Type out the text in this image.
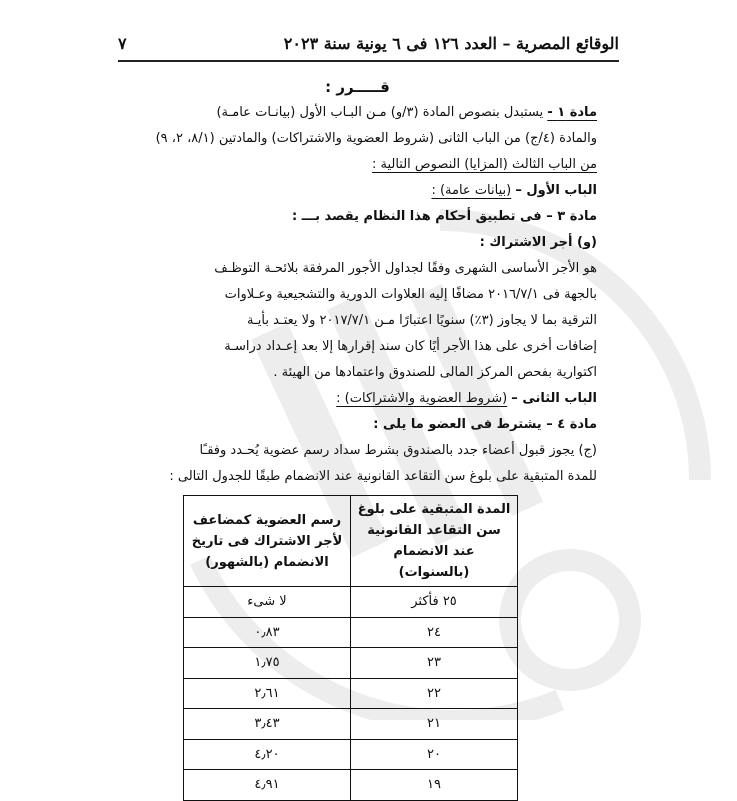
الوقائع المصرية – العدد ١٢٦ فى ٦ يونية سنة ٢٠٢٣
٧

قـــــرر :

مادة ١ - يستبدل بنصوص المادة (٣/و) مـن البـاب الأول (بيانـات عامـة)

والمادة (٤/ج) من الباب الثانى (شروط العضوية والاشتراكات) والمادتين (٨/١، ٢، ٩)

من الباب الثالث (المزايا) النصوص التالية :

الباب الأول – (بيانات عامة) :

مادة ٣ – فى تطبيق أحكام هذا النظام يقصد بـــ :

(و) أجر الاشتراك :

هو الأجر الأساسى الشهرى وفقًا لجداول الأجور المرفقة بلائحـة التوظـف

بالجهة فى ٢٠١٦/٧/١ مضافًا إليه العلاوات الدورية والتشجيعية وعـلاوات

الترقية بما لا يجاوز (٣٪) سنويًا اعتبارًا مـن ٢٠١٧/٧/١ ولا يعتـد بأيـة

إضافات أخرى على هذا الأجر أيًا كان سند إقرارها إلا بعد إعـداد دراسـة

اكتوارية بفحص المركز المالى للصندوق واعتمادها من الهيئة .

الباب الثانى – (شروط العضوية والاشتراكات) :

مادة ٤ – يشترط فى العضو ما يلى :

(ج) يجوز قبول أعضاء جدد بالصندوق بشرط سداد رسم عضوية يُحـدد وفقـًا

للمدة المتبقية على بلوغ سن التقاعد القانونية عند الانضمام طبقًا للجدول التالى :

المدة المتبقية على بلوغ سن التقاعد القانونية عند الانضمام (بالسنوات)	رسم العضوية كمضاعف لأجر الاشتراك فى تاريخ الانضمام (بالشهور)
٢٥ فأكثر	لا شىء
٢٤	٠٫٨٣
٢٣	١٫٧٥
٢٢	٢٫٦١
٢١	٣٫٤٣
٢٠	٤٫٢٠
١٩	٤٫٩١
